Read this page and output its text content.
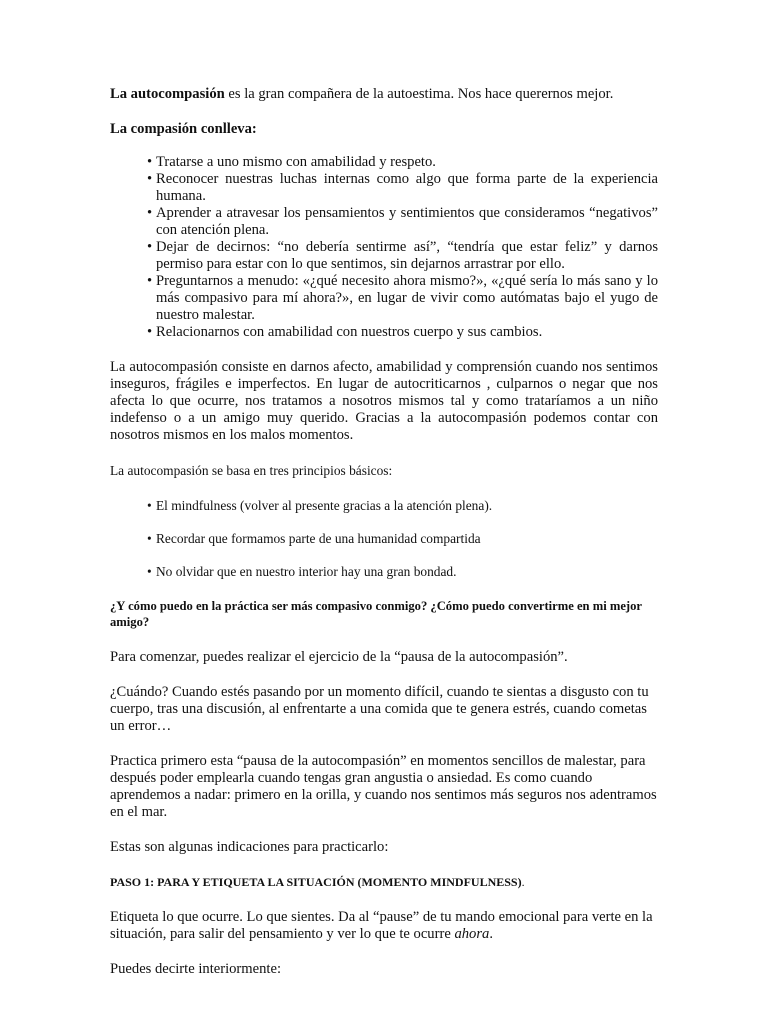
La autocompasión es la gran compañera de la autoestima. Nos hace querernos mejor.

La compasión conlleva:

• Tratarse a uno mismo con amabilidad y respeto.
• Reconocer nuestras luchas internas como algo que forma parte de la experiencia humana.
• Aprender a atravesar los pensamientos y sentimientos que consideramos “negativos” con atención plena.
• Dejar de decirnos: “no debería sentirme así”, “tendría que estar feliz” y darnos permiso para estar con lo que sentimos, sin dejarnos arrastrar por ello.
• Preguntarnos a menudo: «¿qué necesito ahora mismo?», «¿qué sería lo más sano y lo más compasivo para mí ahora?», en lugar de vivir como autómatas bajo el yugo de nuestro malestar.
• Relacionarnos con amabilidad con nuestros cuerpo y sus cambios.

La autocompasión consiste en darnos afecto, amabilidad y comprensión cuando nos sentimos inseguros, frágiles e imperfectos. En lugar de autocriticarnos , culparnos o negar que nos afecta lo que ocurre, nos tratamos a nosotros mismos tal y como trataríamos a un niño indefenso o a un amigo muy querido. Gracias a la autocompasión podemos contar con nosotros mismos en los malos momentos.

La autocompasión se basa en tres principios básicos:

• El mindfulness (volver al presente gracias a la atención plena).
• Recordar que formamos parte de una humanidad compartida
• No olvidar que en nuestro interior hay una gran bondad.

¿Y cómo puedo en la práctica ser más compasivo conmigo? ¿Cómo puedo convertirme en mi mejor amigo?

Para comenzar, puedes realizar el ejercicio de la “pausa de la autocompasión”.

¿Cuándo? Cuando estés pasando por un momento difícil, cuando te sientas a disgusto con tu cuerpo, tras una discusión, al enfrentarte a una comida que te genera estrés, cuando cometas un error…

Practica primero esta “pausa de la autocompasión” en momentos sencillos de malestar, para después poder emplearla cuando tengas gran angustia o ansiedad. Es como cuando aprendemos a nadar: primero en la orilla, y cuando nos sentimos más seguros nos adentramos en el mar.

Estas son algunas indicaciones para practicarlo:

PASO 1: PARA Y ETIQUETA LA SITUACIÓN (MOMENTO MINDFULNESS).

Etiqueta lo que ocurre. Lo que sientes. Da al “pause” de tu mando emocional para verte en la situación, para salir del pensamiento y ver lo que te ocurre ahora.

Puedes decirte interiormente:
